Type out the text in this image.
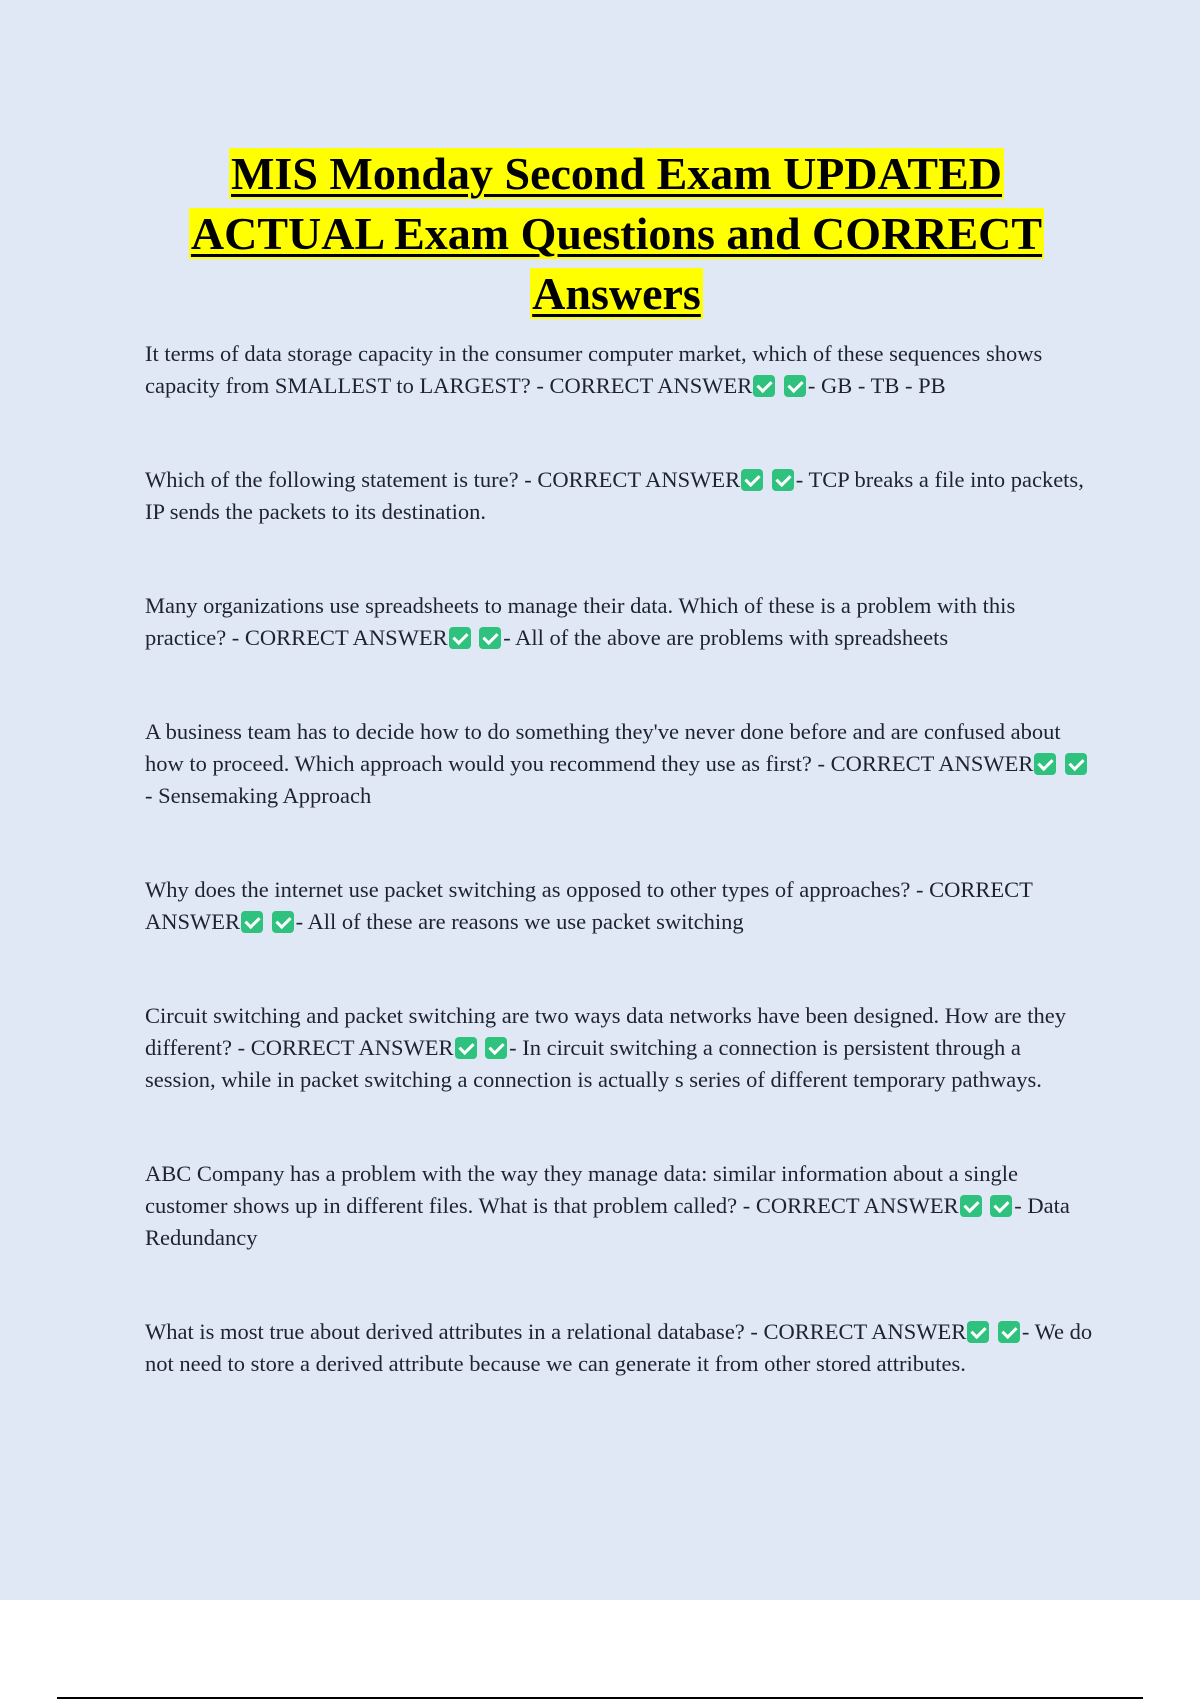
MIS Monday Second Exam UPDATED
ACTUAL Exam Questions and CORRECT
Answers

It terms of data storage capacity in the consumer computer market, which of these sequences shows capacity from SMALLEST to LARGEST? - CORRECT ANSWER - GB - TB - PB

Which of the following statement is ture? - CORRECT ANSWER - TCP breaks a file into packets, IP sends the packets to its destination.

Many organizations use spreadsheets to manage their data. Which of these is a problem with this practice? - CORRECT ANSWER - All of the above are problems with spreadsheets

A business team has to decide how to do something they've never done before and are confused about how to proceed. Which approach would you recommend they use as first? - CORRECT ANSWER - Sensemaking Approach

Why does the internet use packet switching as opposed to other types of approaches? - CORRECT ANSWER - All of these are reasons we use packet switching

Circuit switching and packet switching are two ways data networks have been designed. How are they different? - CORRECT ANSWER - In circuit switching a connection is persistent through a session, while in packet switching a connection is actually s series of different temporary pathways.

ABC Company has a problem with the way they manage data: similar information about a single customer shows up in different files. What is that problem called? - CORRECT ANSWER - Data Redundancy

What is most true about derived attributes in a relational database? - CORRECT ANSWER - We do not need to store a derived attribute because we can generate it from other stored attributes.
